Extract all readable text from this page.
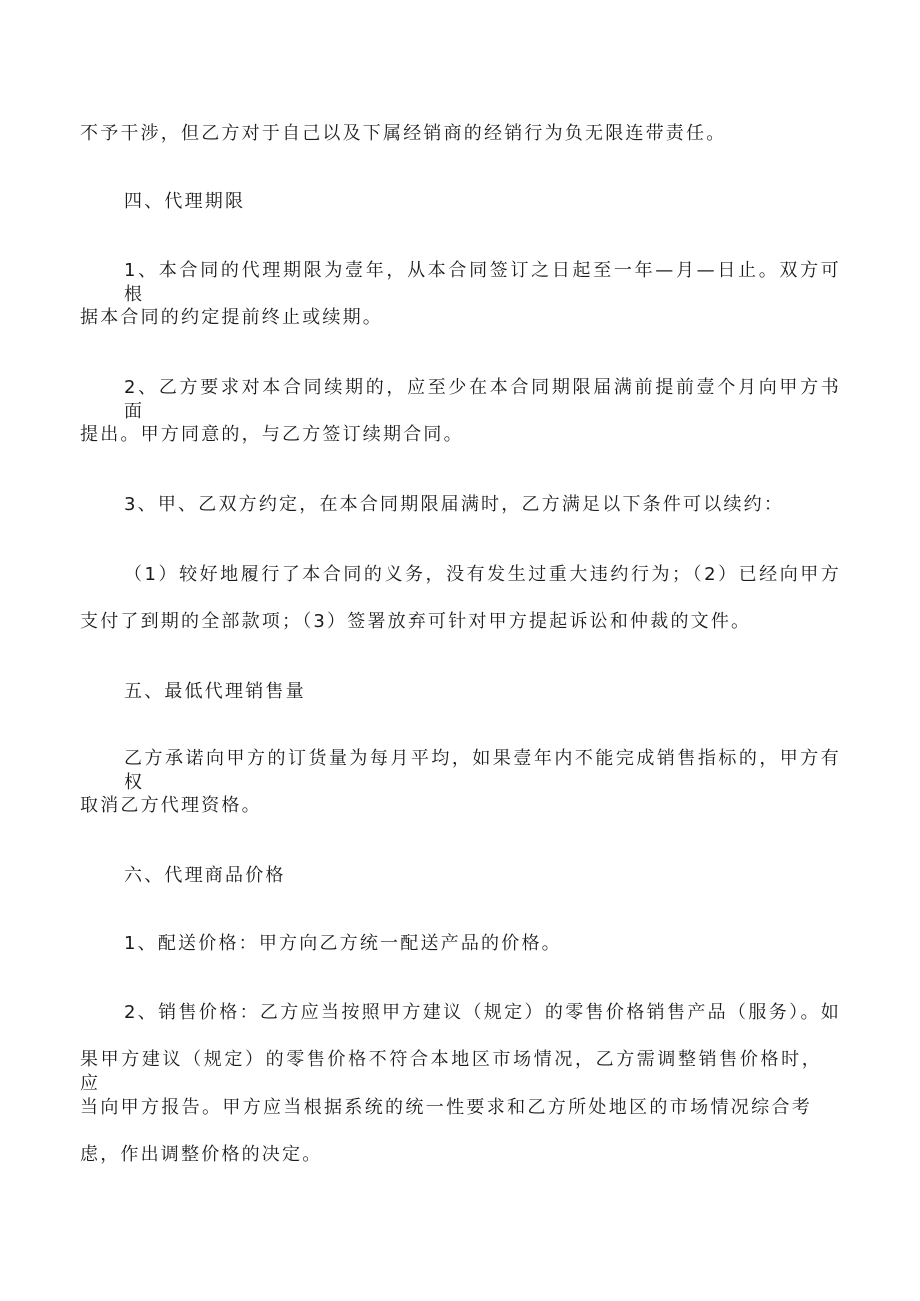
不予干涉，但乙方对于自己以及下属经销商的经销行为负无限连带责任。
四、代理期限
1、本合同的代理期限为壹年，从本合同签订之日起至一年—月—日止。双方可根
据本合同的约定提前终止或续期。
2、乙方要求对本合同续期的，应至少在本合同期限届满前提前壹个月向甲方书面
提出。甲方同意的，与乙方签订续期合同。
3、甲、乙双方约定，在本合同期限届满时，乙方满足以下条件可以续约：
（1）较好地履行了本合同的义务，没有发生过重大违约行为；（2）已经向甲方
支付了到期的全部款项；（3）签署放弃可针对甲方提起诉讼和仲裁的文件。
五、最低代理销售量
乙方承诺向甲方的订货量为每月平均，如果壹年内不能完成销售指标的，甲方有权
取消乙方代理资格。
六、代理商品价格
1、配送价格：甲方向乙方统一配送产品的价格。
2、销售价格：乙方应当按照甲方建议（规定）的零售价格销售产品（服务）。如
果甲方建议（规定）的零售价格不符合本地区市场情况，乙方需调整销售价格时，应
当向甲方报告。甲方应当根据系统的统一性要求和乙方所处地区的市场情况综合考
虑，作出调整价格的决定。
